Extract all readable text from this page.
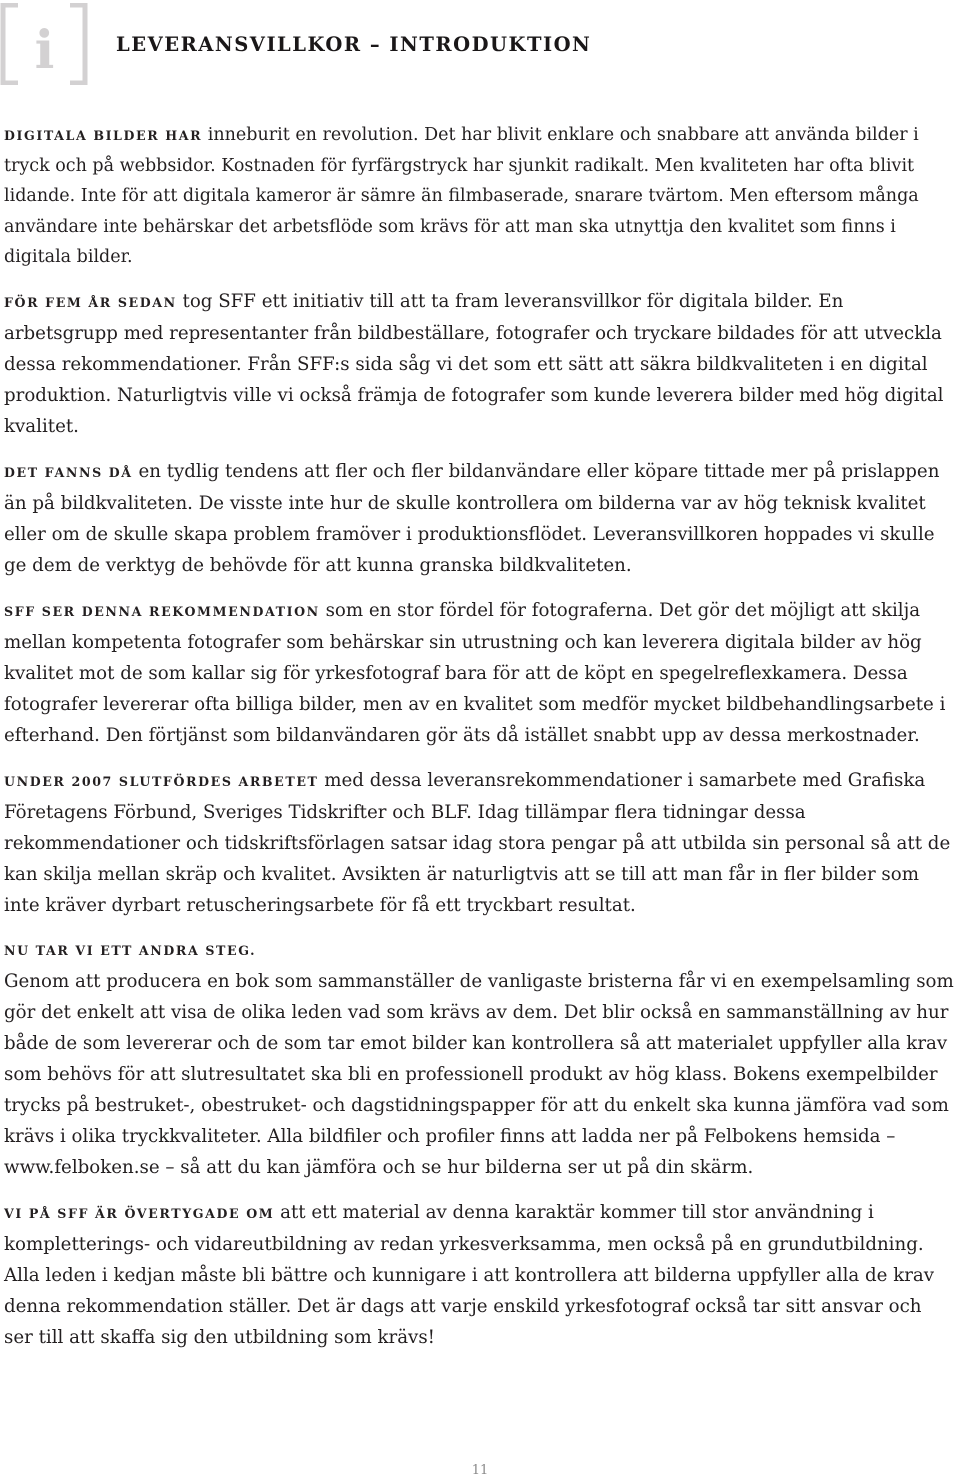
i	LEVERANSVILLKOR – INTRODUKTION

DIGITALA BILDER HAR inneburit en revolution. Det har blivit enklare och snabbare att använda bilder i tryck och på webbsidor. Kostnaden för fyrfärgstryck har sjunkit radikalt. Men kvaliteten har ofta blivit lidande. Inte för att digitala kameror är sämre än filmbaserade, snarare tvärtom. Men eftersom många användare inte behärskar det arbetsflöde som krävs för att man ska utnyttja den kvalitet som finns i digitala bilder.

FÖR FEM ÅR SEDAN tog SFF ett initiativ till att ta fram leveransvillkor för digitala bilder. En arbetsgrupp med representanter från bildbeställare, fotografer och tryckare bildades för att utveckla dessa rekommendationer. Från SFF:s sida såg vi det som ett sätt att säkra bildkvaliteten i en digital produktion. Naturligtvis ville vi också främja de fotografer som kunde leverera bilder med hög digital kvalitet.

DET FANNS DÅ en tydlig tendens att fler och fler bildanvändare eller köpare tittade mer på prislappen än på bildkvaliteten. De visste inte hur de skulle kontrollera om bilderna var av hög teknisk kvalitet eller om de skulle skapa problem framöver i produktionsflödet. Leveransvillkoren hoppades vi skulle ge dem de verktyg de behövde för att kunna granska bildkvaliteten.

SFF SER DENNA REKOMMENDATION som en stor fördel för fotograferna. Det gör det möjligt att skilja mellan kompetenta fotografer som behärskar sin utrustning och kan leverera digitala bilder av hög kvalitet mot de som kallar sig för yrkesfotograf bara för att de köpt en spegelreflexkamera. Dessa fotografer levererar ofta billiga bilder, men av en kvalitet som medför mycket bildbehandlingsarbete i efterhand. Den förtjänst som bildanvändaren gör äts då istället snabbt upp av dessa merkostnader.

UNDER 2007 SLUTFÖRDES ARBETET med dessa leveransrekommendationer i samarbete med Grafiska Företagens Förbund, Sveriges Tidskrifter och BLF. Idag tillämpar flera tidningar dessa rekommendationer och tidskriftsförlagen satsar idag stora pengar på att utbilda sin personal så att de kan skilja mellan skräp och kvalitet. Avsikten är naturligtvis att se till att man får in fler bilder som inte kräver dyrbart retuscheringsarbete för få ett tryckbart resultat.

NU TAR VI ETT ANDRA STEG.
Genom att producera en bok som sammanställer de vanligaste bristerna får vi en exempelsamling som gör det enkelt att visa de olika leden vad som krävs av dem. Det blir också en sammanställning av hur både de som levererar och de som tar emot bilder kan kontrollera så att materialet uppfyller alla krav som behövs för att slutresultatet ska bli en professionell produkt av hög klass. Bokens exempelbilder trycks på bestruket-, obestruket- och dagstidningspapper för att du enkelt ska kunna jämföra vad som krävs i olika tryckkvaliteter. Alla bildfiler och profiler finns att ladda ner på Felbokens hemsida – www.felboken.se – så att du kan jämföra och se hur bilderna ser ut på din skärm.

VI PÅ SFF ÄR ÖVERTYGADE OM att ett material av denna karaktär kommer till stor användning i kompletterings- och vidareutbildning av redan yrkesverksamma, men också på en grundutbildning. Alla leden i kedjan måste bli bättre och kunnigare i att kontrollera att bilderna uppfyller alla de krav denna rekommendation ställer. Det är dags att varje enskild yrkesfotograf också tar sitt ansvar och ser till att skaffa sig den utbildning som krävs!

11
